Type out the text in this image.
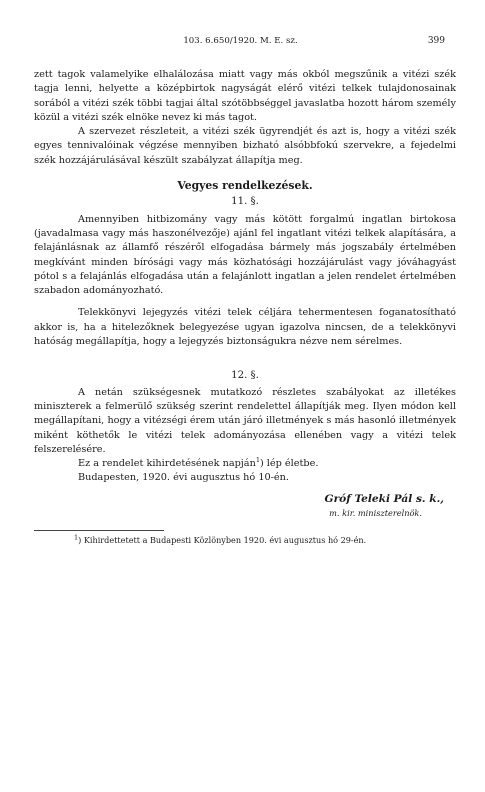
103. 6.650/1920. M. E. sz.	399

zett tagok valamelyike elhalálozása miatt vagy más okból megszűnik a vitézi szék tagja lenni, helyette a középbirtok nagyságát elérő vitézi telkek tulajdonosainak sorából a vitézi szék többi tagjai által szótöbbséggel javaslatba hozott három személy közül a vitézi szék elnöke nevez ki más tagot.

A szervezet részleteit, a vitézi szék ügyrendjét és azt is, hogy a vitézi szék egyes tennivalóinak végzése mennyiben bizható alsóbbfokú szervekre, a fejedelmi szék hozzájárulásával készült szabályzat állapítja meg.

Vegyes rendelkezések.

11. §.

Amennyiben hitbizomány vagy más kötött forgalmú ingatlan birtokosa (javadalmasa vagy más haszonélvezője) ajánl fel ingatlant vitézi telkek alapítására, a felajánlásnak az államfő részéről elfogadása bármely más jogszabály értelmében megkívánt minden bírósági vagy más közhatósági hozzájárulást vagy jóváhagyást pótol s a felajánlás elfogadása után a felajánlott ingatlan a jelen rendelet értelmében szabadon adományozható.

Telekkönyvi lejegyzés vitézi telek céljára tehermentesen foganatosítható akkor is, ha a hitelezőknek belegyezése ugyan igazolva nincsen, de a telekkönyvi hatóság megállapítja, hogy a lejegyzés biztonságukra nézve nem sérelmes.

12. §.

A netán szükségesnek mutatkozó részletes szabályokat az illetékes miniszterek a felmerülő szükség szerint rendelettel állapítják meg. Ilyen módon kell megállapítani, hogy a vitézségi érem után járó illetmények s más hasonló illetmények miként köthetők le vitézi telek adományozása ellenében vagy a vitézi telek felszerelésére.

Ez a rendelet kihirdetésének napján$^1$) lép életbe.

Budapesten, 1920. évi augusztus hó 10-én.

Gróf Teleki Pál s. k.,
m. kir. miniszterelnök.

$^1$) Kihirdettetett a Budapesti Közlönyben 1920. évi augusztus hó 29-én.
